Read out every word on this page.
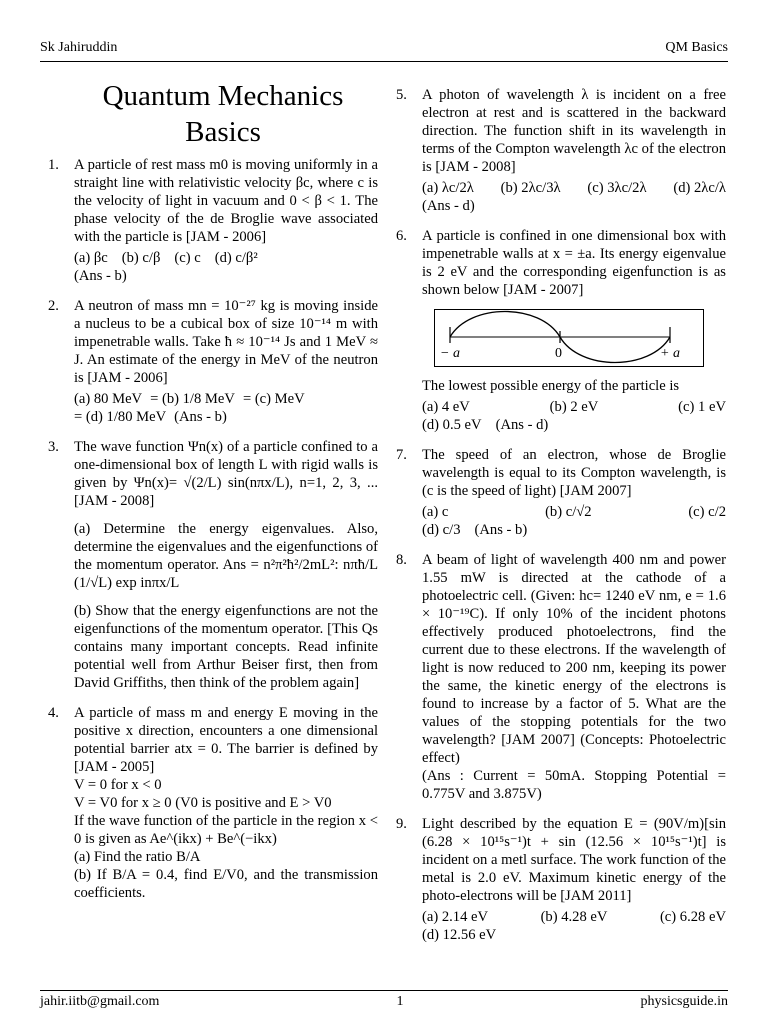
Sk Jahiruddin	QM Basics
Quantum Mechanics
Basics
1.	A particle of rest mass m0 is moving uniformly in a straight line with relativistic velocity βc, where c is the velocity of light in vacuum and 0 < β < 1. The phase velocity of the de Broglie wave associated with the particle is [JAM - 2006]

(a) βc (b) c/β (c) c (d) c/β²

(Ans - b)

2.	A neutron of mass mn = 10⁻²⁷ kg is moving inside a nucleus to be a cubical box of size 10⁻¹⁴ m with impenetrable walls. Take ħ ≈ 10⁻¹⁴ Js and 1 MeV ≈ J. An estimate of the energy in MeV of the neutron is [JAM - 2006]

(a) 80 MeV = (b) 1/8 MeV = (c) MeV
= (d) 1/80 MeV (Ans - b)
3.	The wave function Ψn(x) of a particle confined to a one-dimensional box of length L with rigid walls is given by Ψn(x)= √(2/L) sin(nπx/L), n=1, 2, 3, ... [JAM - 2008]

(a) Determine the energy eigenvalues. Also, determine the eigenvalues and the eigenfunctions of the momentum operator. Ans = n²π²ħ²/2mL²: nπħ/L (1/√L) exp inπx/L

(b) Show that the energy eigenfunctions are not the eigenfunctions of the momentum operator. [This Qs contains many important concepts. Read infinite potential well from Arthur Beiser first, then from David Griffiths, then think of the problem again]

4.	A particle of mass m and energy E moving in the positive x direction, encounters a one dimensional potential barrier atx = 0. The barrier is defined by [JAM - 2005]

V = 0 for x < 0

V = V0 for x ≥ 0 (V0 is positive and E > V0

If the wave function of the particle in the region x < 0 is given as Ae^(ikx) + Be^(−ikx)

(a) Find the ratio B/A

(b) If B/A = 0.4, find E/V0, and the transmission coefficients.

5.	A photon of wavelength λ is incident on a free electron at rest and is scattered in the backward direction. The function shift in its wavelength in terms of the Compton wavelength λc of the electron is [JAM - 2008]

(a) λc/2λ (b) 2λc/3λ (c) 3λc/2λ (d) 2λc/λ
(Ans - d)
6.	A particle is confined in one dimensional box with impenetrable walls at x = ±a. Its energy eigenvalue is 2 eV and the corresponding eigenfunction is as shown below [JAM - 2007]

− a	0	+ a

The lowest possible energy of the particle is

(a) 4 eV	(b) 2 eV	(c) 1 eV
(d) 0.5 eV (Ans - d)
7.	The speed of an electron, whose de Broglie wavelength is equal to its Compton wavelength, is (c is the speed of light) [JAM 2007]

(a) c	(b) c/√2	(c) c/2
(d) c/3 (Ans - b)
8.	A beam of light of wavelength 400 nm and power 1.55 mW is directed at the cathode of a photoelectric cell. (Given: hc= 1240 eV nm, e = 1.6 × 10⁻¹⁹C). If only 10% of the incident photons effectively produced photoelectrons, find the current due to these electrons. If the wavelength of light is now reduced to 200 nm, keeping its power the same, the kinetic energy of the electrons is found to increase by a factor of 5. What are the values of the stopping potentials for the two wavelength? [JAM 2007] (Concepts: Photoelectric effect)

(Ans : Current = 50mA. Stopping Potential = 0.775V and 3.875V)

9.	Light described by the equation E = (90V/m)[sin (6.28 × 10¹⁵s⁻¹)t + sin (12.56 × 10¹⁵s⁻¹)t] is incident on a metl surface. The work function of the metal is 2.0 eV. Maximum kinetic energy of the photo-electrons will be [JAM 2011]

(a) 2.14 eV	(b) 4.28 eV	(c) 6.28 eV
(d) 12.56 eV
jahir.iitb@gmail.com	1	physicsguide.in
